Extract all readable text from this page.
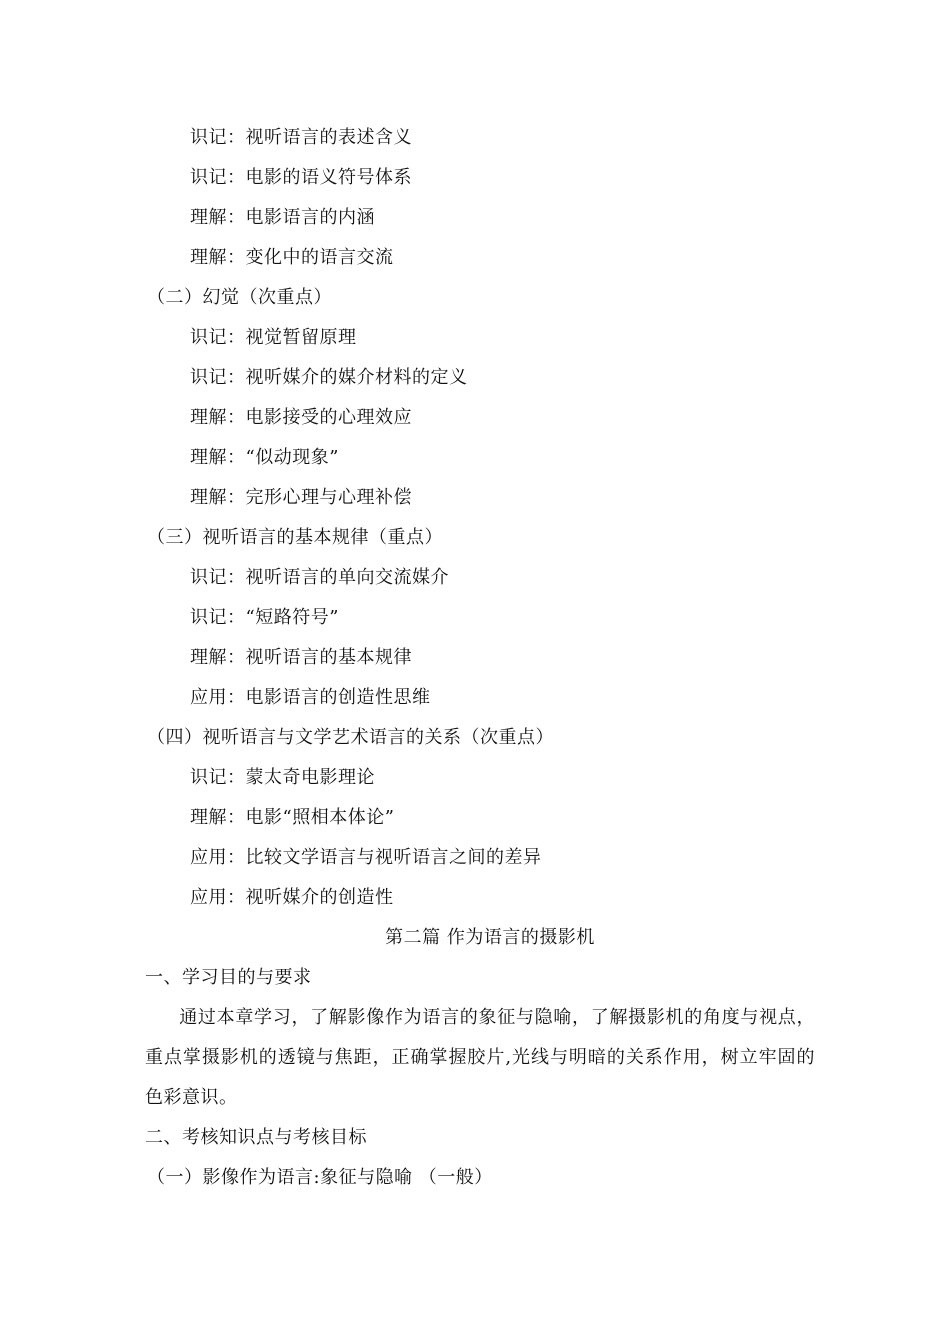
识记：视听语言的表述含义
识记：电影的语义符号体系
理解：电影语言的内涵
理解：变化中的语言交流
（二）幻觉（次重点）
识记：视觉暂留原理
识记：视听媒介的媒介材料的定义
理解：电影接受的心理效应
理解：“似动现象”
理解：完形心理与心理补偿
（三）视听语言的基本规律（重点）
识记：视听语言的单向交流媒介
识记：“短路符号”
理解：视听语言的基本规律
应用：电影语言的创造性思维
（四）视听语言与文学艺术语言的关系（次重点）
识记：蒙太奇电影理论
理解：电影“照相本体论”
应用：比较文学语言与视听语言之间的差异
应用：视听媒介的创造性
第二篇 作为语言的摄影机
一、学习目的与要求
通过本章学习，了解影像作为语言的象征与隐喻，了解摄影机的角度与视点，重点掌摄影机的透镜与焦距，正确掌握胶片,光线与明暗的关系作用，树立牢固的色彩意识。
二、考核知识点与考核目标
（一）影像作为语言:象征与隐喻 （一般）
